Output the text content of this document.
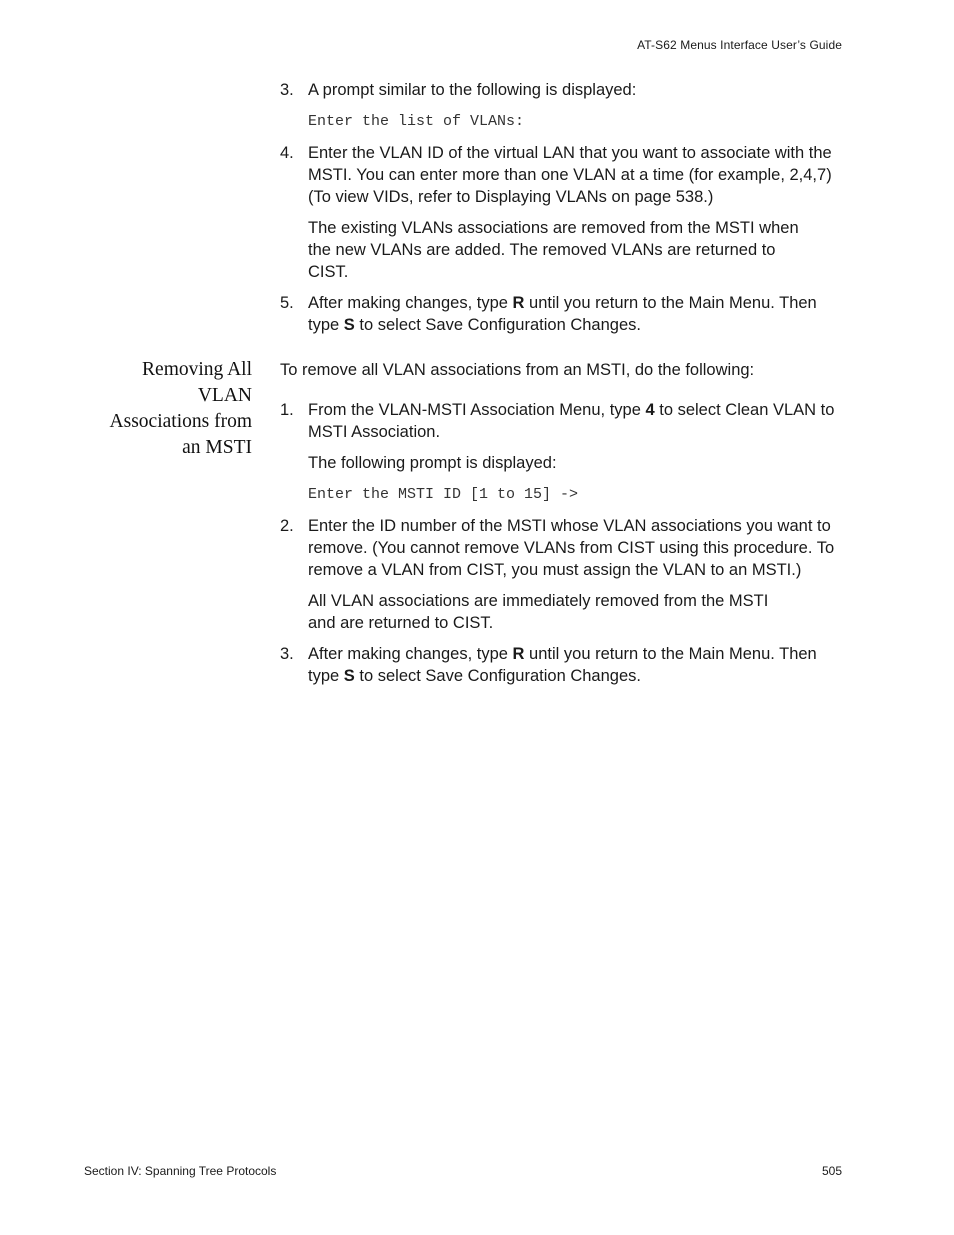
AT-S62 Menus Interface User’s Guide
3. A prompt similar to the following is displayed:
Enter the list of VLANs:
4. Enter the VLAN ID of the virtual LAN that you want to associate with the MSTI. You can enter more than one VLAN at a time (for example, 2,4,7) (To view VIDs, refer to Displaying VLANs on page 538.)
The existing VLANs associations are removed from the MSTI when the new VLANs are added. The removed VLANs are returned to CIST.
5. After making changes, type R until you return to the Main Menu. Then type S to select Save Configuration Changes.
Removing All
VLAN
Associations from
an MSTI
To remove all VLAN associations from an MSTI, do the following:
1. From the VLAN-MSTI Association Menu, type 4 to select Clean VLAN to MSTI Association.
The following prompt is displayed:
Enter the MSTI ID [1 to 15] ->
2. Enter the ID number of the MSTI whose VLAN associations you want to remove. (You cannot remove VLANs from CIST using this procedure. To remove a VLAN from CIST, you must assign the VLAN to an MSTI.)
All VLAN associations are immediately removed from the MSTI and are returned to CIST.
3. After making changes, type R until you return to the Main Menu. Then type S to select Save Configuration Changes.
Section IV: Spanning Tree Protocols	505
